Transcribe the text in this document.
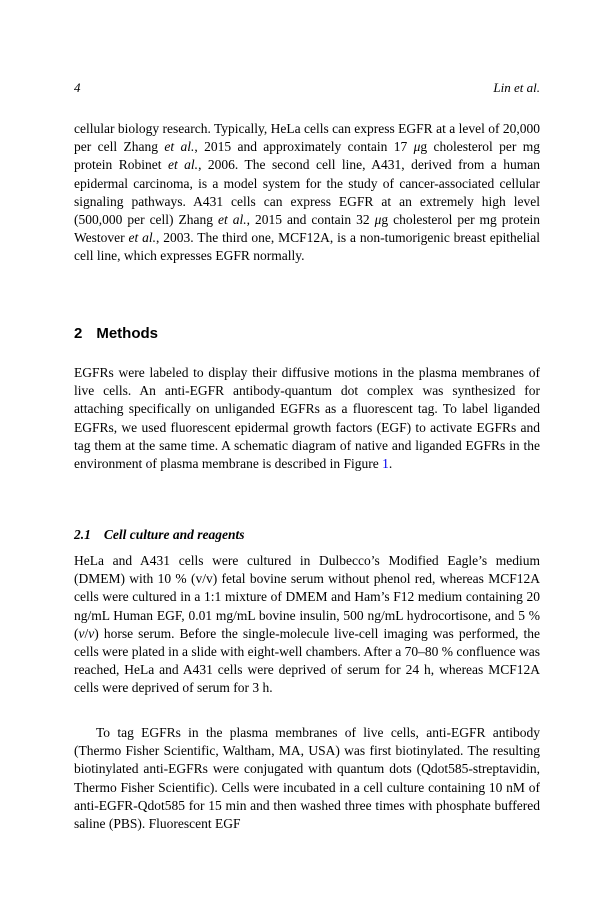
4	Lin et al.

cellular biology research. Typically, HeLa cells can express EGFR at a level of 20,000 per cell Zhang et al., 2015 and approximately contain 17 μg cholesterol per mg protein Robinet et al., 2006. The second cell line, A431, derived from a human epidermal carcinoma, is a model system for the study of cancer-associated cellular signaling pathways. A431 cells can express EGFR at an extremely high level (500,000 per cell) Zhang et al., 2015 and contain 32 μg cholesterol per mg protein Westover et al., 2003. The third one, MCF12A, is a non-tumorigenic breast epithelial cell line, which expresses EGFR normally.

2 Methods

EGFRs were labeled to display their diffusive motions in the plasma membranes of live cells. An anti-EGFR antibody-quantum dot complex was synthesized for attaching specifically on unliganded EGFRs as a fluorescent tag. To label liganded EGFRs, we used fluorescent epidermal growth factors (EGF) to activate EGFRs and tag them at the same time. A schematic diagram of native and liganded EGFRs in the environment of plasma membrane is described in Figure 1.

2.1 Cell culture and reagents

HeLa and A431 cells were cultured in Dulbecco’s Modified Eagle’s medium (DMEM) with 10 % (v/v) fetal bovine serum without phenol red, whereas MCF12A cells were cultured in a 1:1 mixture of DMEM and Ham’s F12 medium containing 20 ng/mL Human EGF, 0.01 mg/mL bovine insulin, 500 ng/mL hydrocortisone, and 5 %(v/v) horse serum. Before the single-molecule live-cell imaging was performed, the cells were plated in a slide with eight-well chambers. After a 70–80 % confluence was reached, HeLa and A431 cells were deprived of serum for 24 h, whereas MCF12A cells were deprived of serum for 3 h.

To tag EGFRs in the plasma membranes of live cells, anti-EGFR antibody (Thermo Fisher Scientific, Waltham, MA, USA) was first biotinylated. The resulting biotinylated anti-EGFRs were conjugated with quantum dots (Qdot585-streptavidin, Thermo Fisher Scientific). Cells were incubated in a cell culture containing 10 nM of anti-EGFR-Qdot585 for 15 min and then washed three times with phosphate buffered saline (PBS). Fluorescent EGF
